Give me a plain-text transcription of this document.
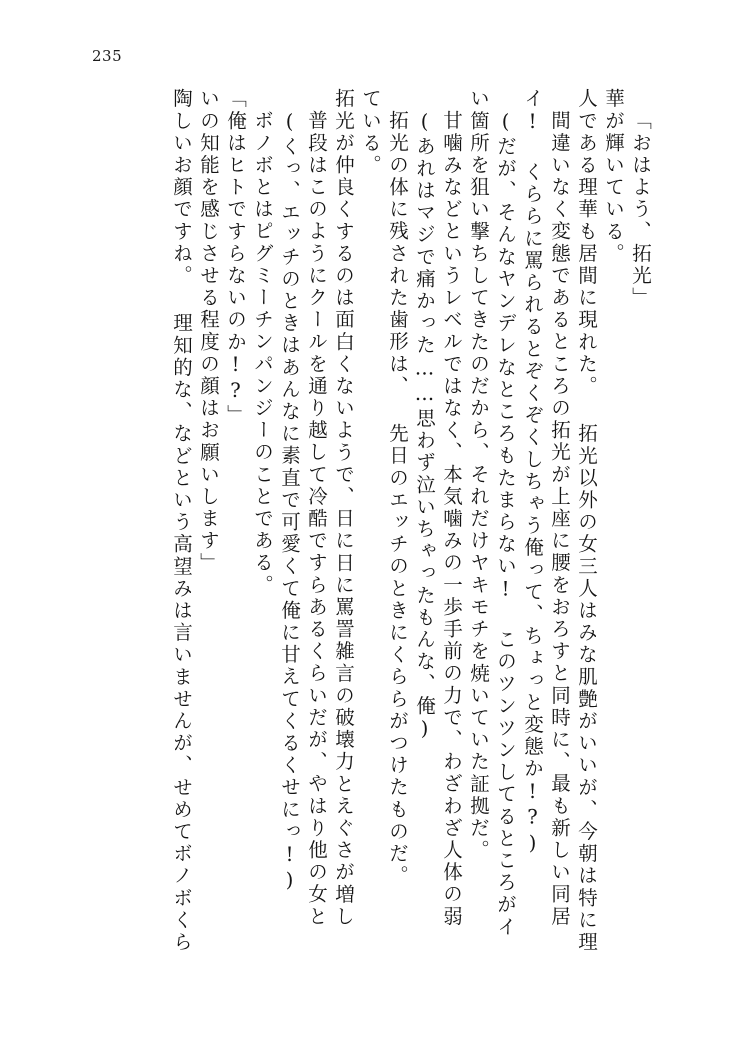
235
陶しいお顔ですね。 理知的な、などという高望みは言いませんが、せめてボノボくら いの知能を感じさせる程度の顔はお願いします」 「俺はヒトですらないのか!?」 ボノボとはピグミーチンパンジーのことである。 (くっ、エッチのときはあんなに素直で可愛くて俺に甘えてくるくせにっ!) 普段はこのようにクールを通り越して冷酷ですらあるくらいだが、やはり他の女と 拓光が仲良くするのは面白くないようで、日に日に罵詈雑言の破壊力とえぐさが増し ている。 拓光の体に残された歯形は、 先日のエッチのときにくららがつけたものだ。 (あれはマジで痛かった……思わず泣いちゃったもんな、俺) 甘噛みなどというレベルではなく、本気噛みの一歩手前の力で、わざわざ人体の弱 い箇所を狙い撃ちしてきたのだから、それだけヤキモチを焼いていた証拠だ。 (だが、そんなヤンデレなところもたまらない! このツンツンしてるところがイ イ! くららに罵られるとぞくぞくしちゃう俺って、ちょっと変態か!?) 間違いなく変態であるところの拓光が上座に腰をおろすと同時に、最も新しい同居 人である理華も居間に現れた。 拓光以外の女三人はみな肌艶がいいが、今朝は特に理 華が輝いている。 「おはよう、拓光」
